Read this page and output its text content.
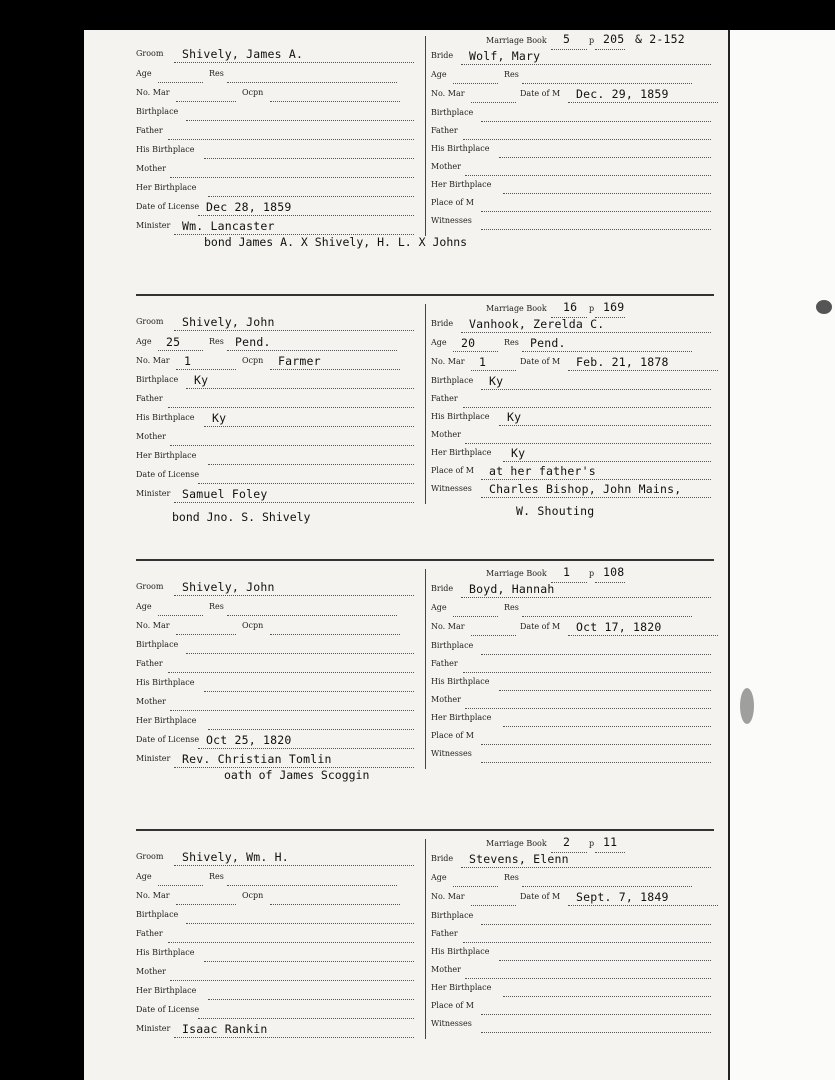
Marriage Book 5 p 205 & 2-152
Groom Shively, James A.
Age	Res
No. Mar	Ocpn
Birthplace
Father
His Birthplace
Mother
Her Birthplace
Date of License Dec 28, 1859
Minister Wm. Lancaster
Bride Wolf, Mary
Age	Res
No. Mar	Date of M Dec. 29, 1859
Birthplace
Father
His Birthplace
Mother
Her Birthplace
Place of M
Witnesses
bond James A. X Shively, H. L. X Johns
Marriage Book 16 p 169
Groom Shively, John
Age 25	Res Pend.
No. Mar 1	Ocpn Farmer
Birthplace Ky
Father
His Birthplace Ky
Mother
Her Birthplace
Date of License
Minister Samuel Foley
Bride Vanhook, Zerelda C.
Age 20	Res Pend.
No. Mar 1	Date of M Feb. 21, 1878
Birthplace Ky
Father
His Birthplace Ky
Mother
Her Birthplace Ky
Place of M at her father's
Witnesses Charles Bishop, John Mains,
W. Shouting
bond Jno. S. Shively
Marriage Book 1 p 108
Groom Shively, John
Age	Res
No. Mar	Ocpn
Birthplace
Father
His Birthplace
Mother
Her Birthplace
Date of License Oct 25, 1820
Minister Rev. Christian Tomlin
Bride Boyd, Hannah
Age	Res
No. Mar	Date of M Oct 17, 1820
Birthplace
Father
His Birthplace
Mother
Her Birthplace
Place of M
Witnesses
oath of James Scoggin
Marriage Book 2 p 11
Groom Shively, Wm. H.
Age	Res
No. Mar	Ocpn
Birthplace
Father
His Birthplace
Mother
Her Birthplace
Date of License
Minister Isaac Rankin
Bride Stevens, Elenn
Age	Res
No. Mar	Date of M Sept. 7, 1849
Birthplace
Father
His Birthplace
Mother
Her Birthplace
Place of M
Witnesses
